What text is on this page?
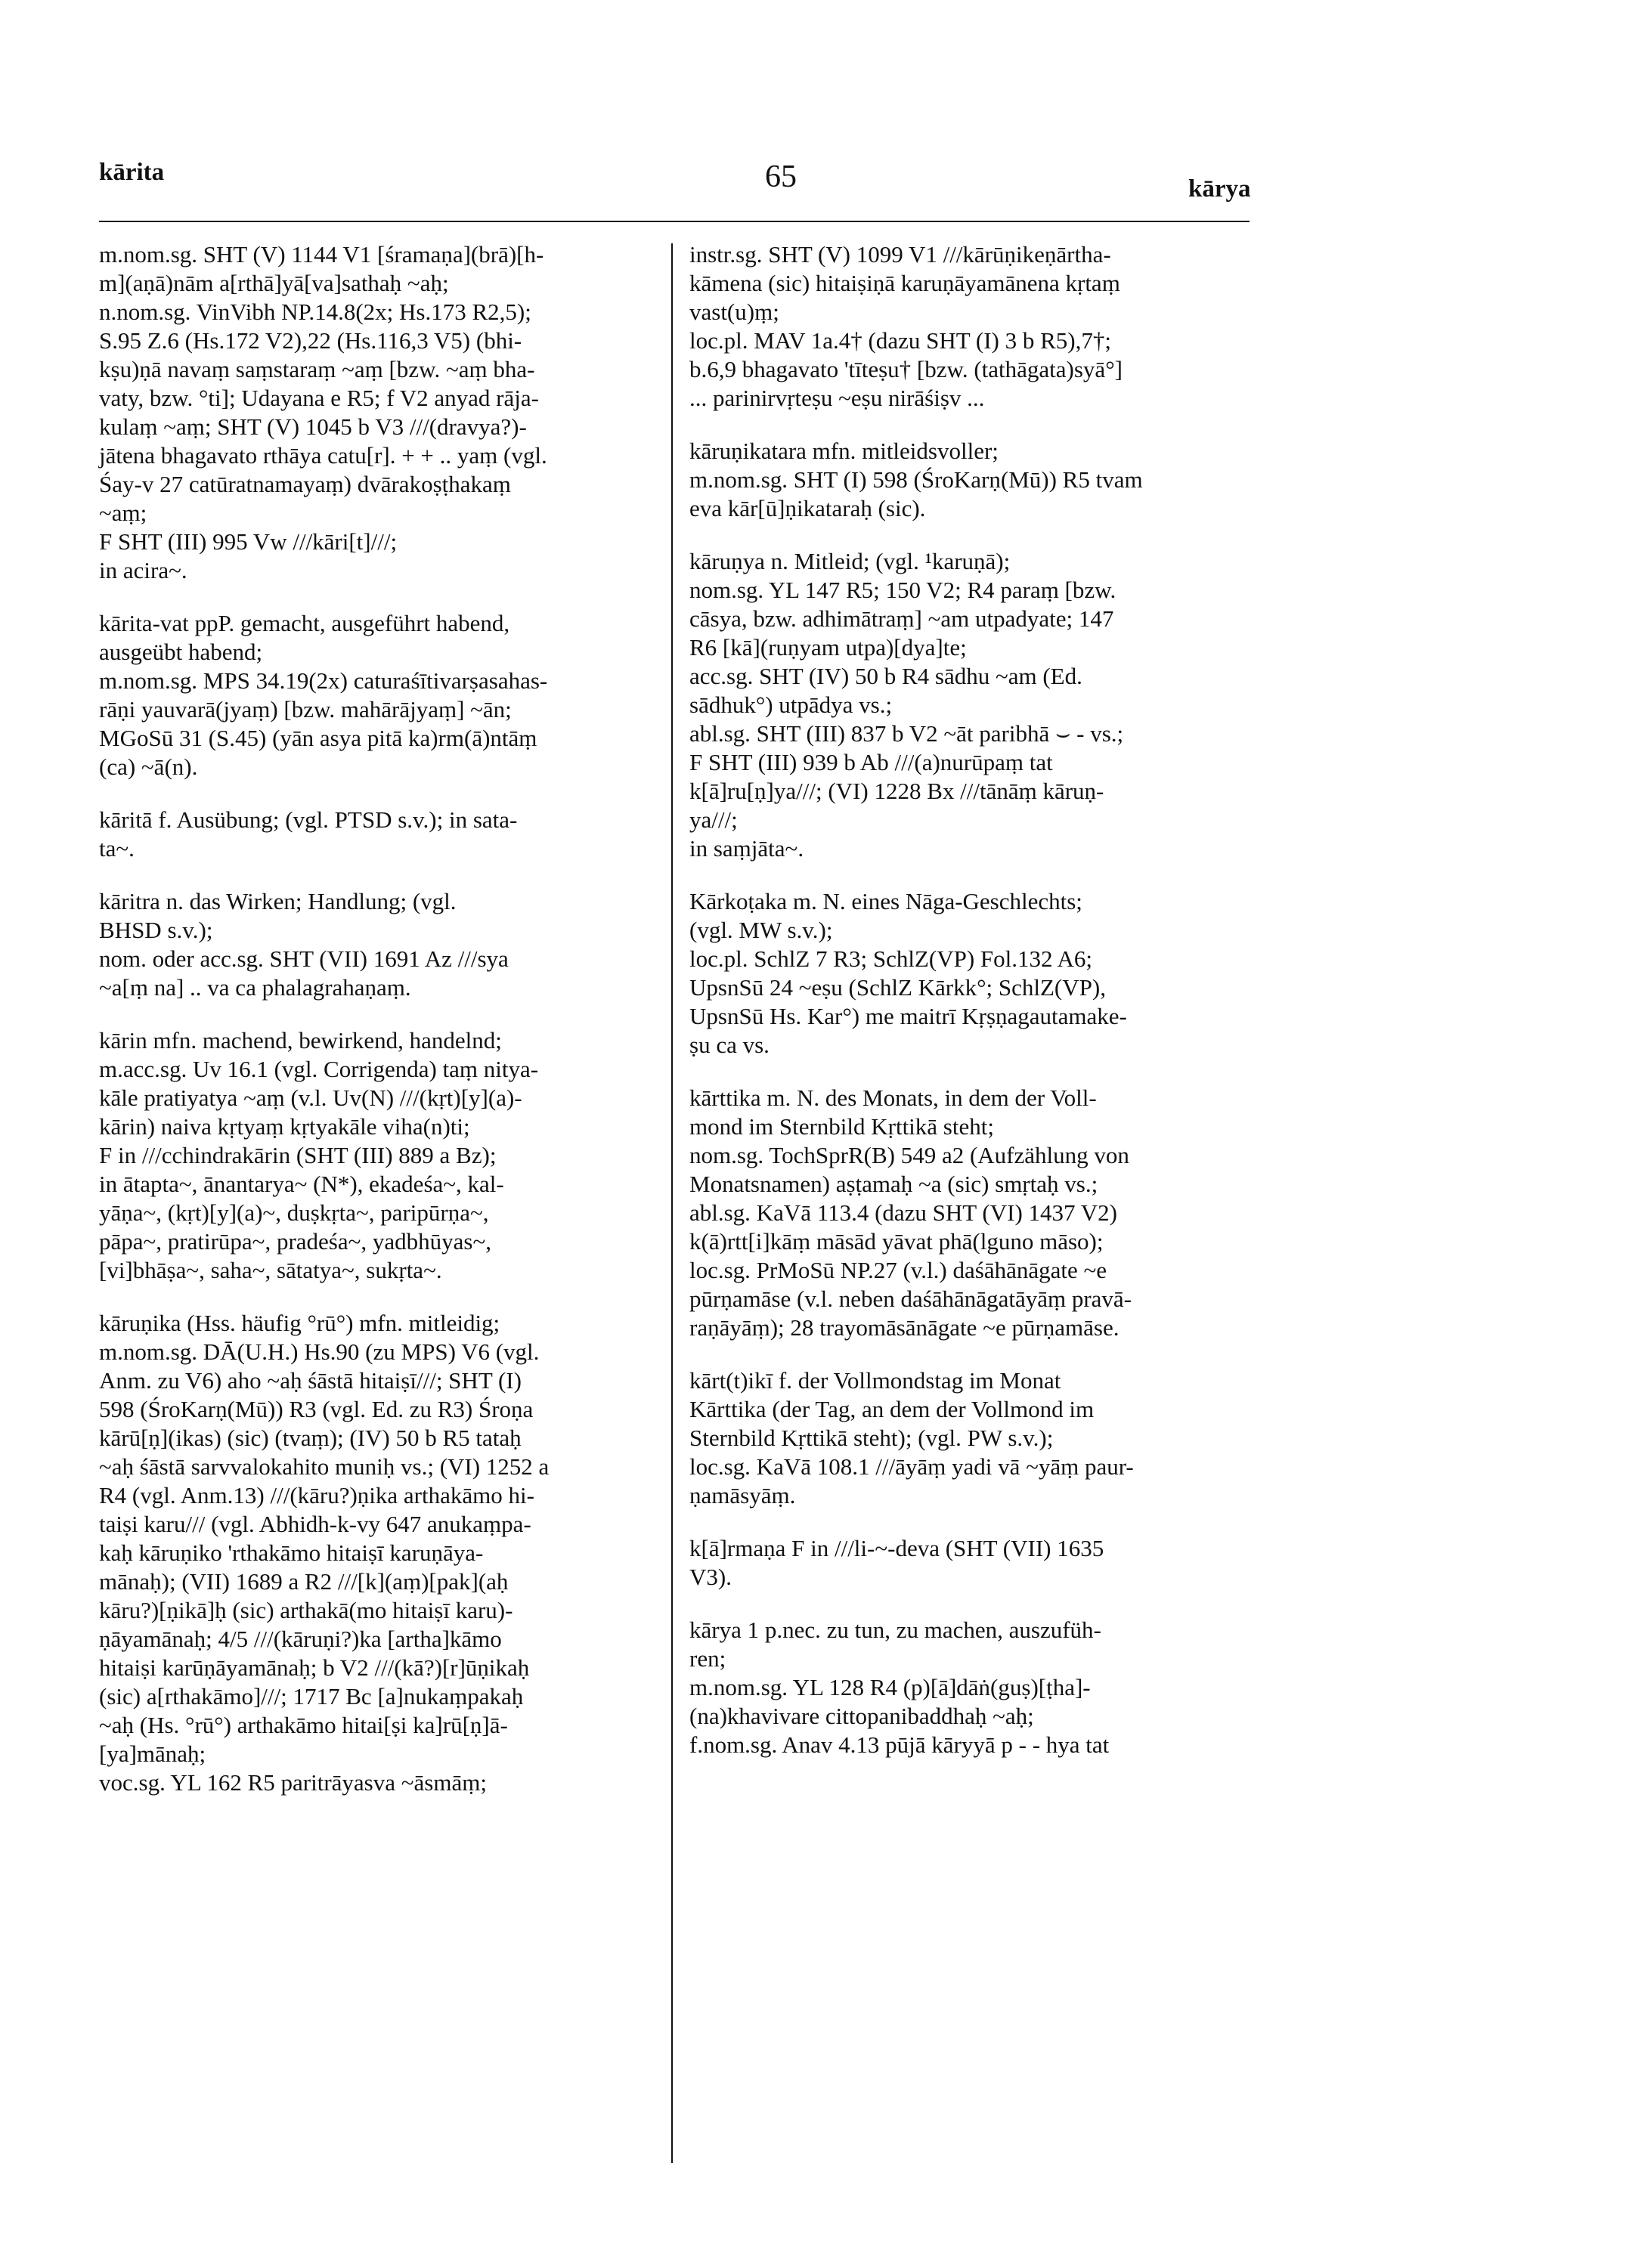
kārita	65	kārya
m.nom.sg. SHT (V) 1144 V1 [śramaṇa](brā)[h-
m](aṇā)nām a[rthā]yā[va]sathaḥ ~aḥ;
n.nom.sg. VinVibh NP.14.8(2x; Hs.173 R2,5);
S.95 Z.6 (Hs.172 V2),22 (Hs.116,3 V5) (bhi-
kṣu)ṇā navaṃ saṃstaraṃ ~aṃ [bzw. ~aṃ bha-
vaty, bzw. °ti]; Udayana e R5; f V2 anyad rāja-
kulaṃ ~aṃ; SHT (V) 1045 b V3 ///(dravya?)-
jātena bhagavato rthāya catu[r]. + + .. yaṃ (vgl.
Śay-v 27 catūratnamayaṃ) dvārakoṣṭhakaṃ
~aṃ;
F SHT (III) 995 Vw ///kāri[t]///;
in acira~.
kārita-vat ppP. gemacht, ausgeführt habend,
ausgeübt habend;
m.nom.sg. MPS 34.19(2x) caturaśītivarṣasahas-
rāṇi yauvarā(jyaṃ) [bzw. mahārājyaṃ] ~ān;
MGoSū 31 (S.45) (yān asya pitā ka)rm(ā)ntāṃ
(ca) ~ā(n).
kāritā f. Ausübung; (vgl. PTSD s.v.); in sata-
ta~.
kāritra n. das Wirken; Handlung; (vgl.
BHSD s.v.);
nom. oder acc.sg. SHT (VII) 1691 Az ///sya
~a[ṃ na] .. va ca phalagrahaṇaṃ.
kārin mfn. machend, bewirkend, handelnd;
m.acc.sg. Uv 16.1 (vgl. Corrigenda) taṃ nitya-
kāle pratiyatya ~aṃ (v.l. Uv(N) ///(kṛt)[y](a)-
kārin) naiva kṛtyaṃ kṛtyakāle viha(n)ti;
F in ///cchindrakārin (SHT (III) 889 a Bz);
in ātapta~, ānantarya~ (N*), ekadeśa~, kal-
yāṇa~, (kṛt)[y](a)~, duṣkṛta~, paripūrṇa~,
pāpa~, pratirūpa~, pradeśa~, yadbhūyas~,
[vi]bhāṣa~, saha~, sātatya~, sukṛta~.
kāruṇika (Hss. häufig °rū°) mfn. mitleidig;
m.nom.sg. DĀ(U.H.) Hs.90 (zu MPS) V6 (vgl.
Anm. zu V6) aho ~aḥ śāstā hitaiṣī///; SHT (I)
598 (ŚroKarṇ(Mū)) R3 (vgl. Ed. zu R3) Śroṇa
kārū[ṇ](ikas) (sic) (tvaṃ); (IV) 50 b R5 tataḥ
~aḥ śāstā sarvvalokahito muniḥ vs.; (VI) 1252 a
R4 (vgl. Anm.13) ///(kāru?)ṇika arthakāmo hi-
taiṣi karu/// (vgl. Abhidh-k-vy 647 anukaṃpa-
kaḥ kāruṇiko 'rthakāmo hitaiṣī karuṇāya-
mānaḥ); (VII) 1689 a R2 ///[k](aṃ)[pak](aḥ
kāru?)[ṇikā]ḥ (sic) arthakā(mo hitaiṣī karu)-
ṇāyamānaḥ; 4/5 ///(kāruṇi?)ka [artha]kāmo
hitaiṣi karūṇāyamānaḥ; b V2 ///(kā?)[r]ūṇikaḥ
(sic) a[rthakāmo]///; 1717 Bc [a]nukaṃpakaḥ
~aḥ (Hs. °rū°) arthakāmo hitai[ṣi ka]rū[ṇ]ā-
[ya]mānaḥ;
voc.sg. YL 162 R5 paritrāyasva ~āsmāṃ;
instr.sg. SHT (V) 1099 V1 ///kārūṇikeṇārtha-
kāmena (sic) hitaiṣiṇā karuṇāyamānena kṛtaṃ
vast(u)ṃ;
loc.pl. MAV 1a.4† (dazu SHT (I) 3 b R5),7†;
b.6,9 bhagavato 'tīteṣu† [bzw. (tathāgata)syā°]
... parinirvṛteṣu ~eṣu nirāśiṣv ...
kāruṇikatara mfn. mitleidsvoller;
m.nom.sg. SHT (I) 598 (ŚroKarṇ(Mū)) R5 tvam
eva kār[ū]ṇikataraḥ (sic).
kāruṇya n. Mitleid; (vgl. ¹karuṇā);
nom.sg. YL 147 R5; 150 V2; R4 paraṃ [bzw.
cāsya, bzw. adhimātraṃ] ~am utpadyate; 147
R6 [kā](ruṇyam utpa)[dya]te;
acc.sg. SHT (IV) 50 b R4 sādhu ~am (Ed.
sādhuk°) utpādya vs.;
abl.sg. SHT (III) 837 b V2 ~āt paribhā ⌣ - vs.;
F SHT (III) 939 b Ab ///(a)nurūpaṃ tat
k[ā]ru[ṇ]ya///; (VI) 1228 Bx ///tānāṃ kāruṇ-
ya///;
in saṃjāta~.
Kārkoṭaka m. N. eines Nāga-Geschlechts;
(vgl. MW s.v.);
loc.pl. SchlZ 7 R3; SchlZ(VP) Fol.132 A6;
UpsnSū 24 ~eṣu (SchlZ Kārkk°; SchlZ(VP),
UpsnSū Hs. Kar°) me maitrī Kṛṣṇagautamake-
ṣu ca vs.
kārttika m. N. des Monats, in dem der Voll-
mond im Sternbild Kṛttikā steht;
nom.sg. TochSprR(B) 549 a2 (Aufzählung von
Monatsnamen) aṣṭamaḥ ~a (sic) smṛtaḥ vs.;
abl.sg. KaVā 113.4 (dazu SHT (VI) 1437 V2)
k(ā)rtt[i]kāṃ māsād yāvat phā(lguno māso);
loc.sg. PrMoSū NP.27 (v.l.) daśāhānāgate ~e
pūrṇamāse (v.l. neben daśāhānāgatāyāṃ pravā-
raṇāyāṃ); 28 trayomāsānāgate ~e pūrṇamāse.
kārt(t)ikī f. der Vollmondstag im Monat
Kārttika (der Tag, an dem der Vollmond im
Sternbild Kṛttikā steht); (vgl. PW s.v.);
loc.sg. KaVā 108.1 ///āyāṃ yadi vā ~yāṃ paur-
ṇamāsyāṃ.
k[ā]rmaṇa F in ///li-~-deva (SHT (VII) 1635
V3).
kārya 1 p.nec. zu tun, zu machen, auszufüh-
ren;
m.nom.sg. YL 128 R4 (p)[ā]dāṅ(guṣ)[ṭha]-
(na)khavivare cittopanibaddhaḥ ~aḥ;
f.nom.sg. Anav 4.13 pūjā kāryyā p - - hya tat
